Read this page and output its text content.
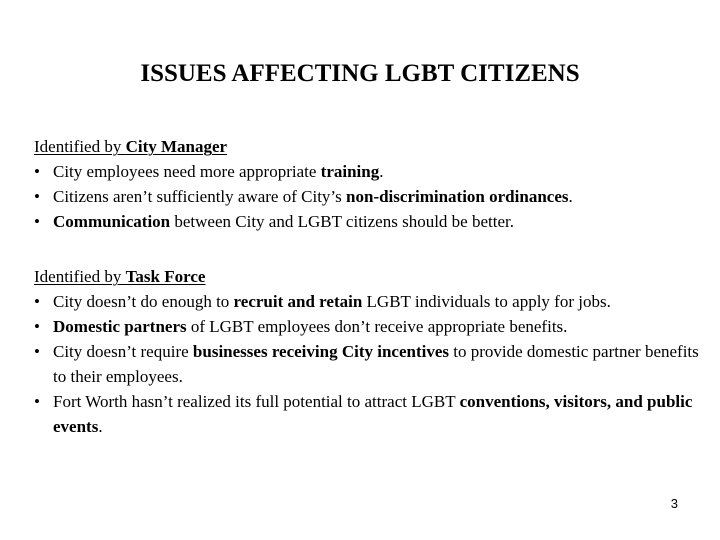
ISSUES AFFECTING LGBT CITIZENS
Identified by City Manager
• City employees need more appropriate training.
• Citizens aren’t sufficiently aware of City’s non-discrimination ordinances.
• Communication between City and LGBT citizens should be better.
Identified by Task Force
• City doesn’t do enough to recruit and retain LGBT individuals to apply for jobs.
• Domestic partners of LGBT employees don’t receive appropriate benefits.
• City doesn’t require businesses receiving City incentives to provide domestic partner benefits to their employees.
• Fort Worth hasn’t realized its full potential to attract LGBT conventions, visitors, and public events.
3
